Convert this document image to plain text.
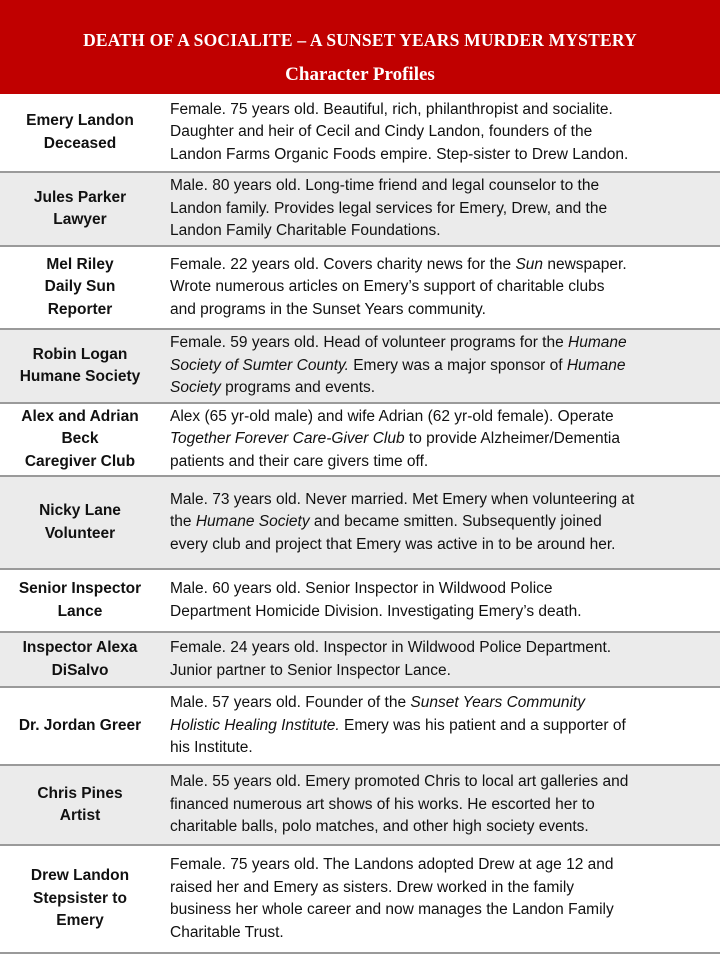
DEATH OF A SOCIALITE – A SUNSET YEARS MURDER MYSTERY
Character Profiles
Emery Landon
Deceased
Female. 75 years old. Beautiful, rich, philanthropist and socialite.
Daughter and heir of Cecil and Cindy Landon, founders of the
Landon Farms Organic Foods empire. Step-sister to Drew Landon.
Jules Parker
Lawyer
Male. 80 years old. Long-time friend and legal counselor to the
Landon family. Provides legal services for Emery, Drew, and the
Landon Family Charitable Foundations.
Mel Riley
Daily Sun
Reporter
Female. 22 years old. Covers charity news for the Sun newspaper.
Wrote numerous articles on Emery’s support of charitable clubs
and programs in the Sunset Years community.
Robin Logan
Humane Society
Female. 59 years old. Head of volunteer programs for the Humane
Society of Sumter County. Emery was a major sponsor of Humane
Society programs and events.
Alex and Adrian
Beck
Caregiver Club
Alex (65 yr-old male) and wife Adrian (62 yr-old female). Operate
Together Forever Care-Giver Club to provide Alzheimer/Dementia
patients and their care givers time off.
Nicky Lane
Volunteer
Male. 73 years old. Never married. Met Emery when volunteering at
the Humane Society and became smitten. Subsequently joined
every club and project that Emery was active in to be around her.
Senior Inspector
Lance
Male. 60 years old. Senior Inspector in Wildwood Police
Department Homicide Division. Investigating Emery’s death.
Inspector Alexa
DiSalvo
Female. 24 years old. Inspector in Wildwood Police Department.
Junior partner to Senior Inspector Lance.
Dr. Jordan Greer
Male. 57 years old. Founder of the Sunset Years Community
Holistic Healing Institute. Emery was his patient and a supporter of
his Institute.
Chris Pines
Artist
Male. 55 years old. Emery promoted Chris to local art galleries and
financed numerous art shows of his works. He escorted her to
charitable balls, polo matches, and other high society events.
Drew Landon
Stepsister to
Emery
Female. 75 years old. The Landons adopted Drew at age 12 and
raised her and Emery as sisters. Drew worked in the family
business her whole career and now manages the Landon Family
Charitable Trust.
